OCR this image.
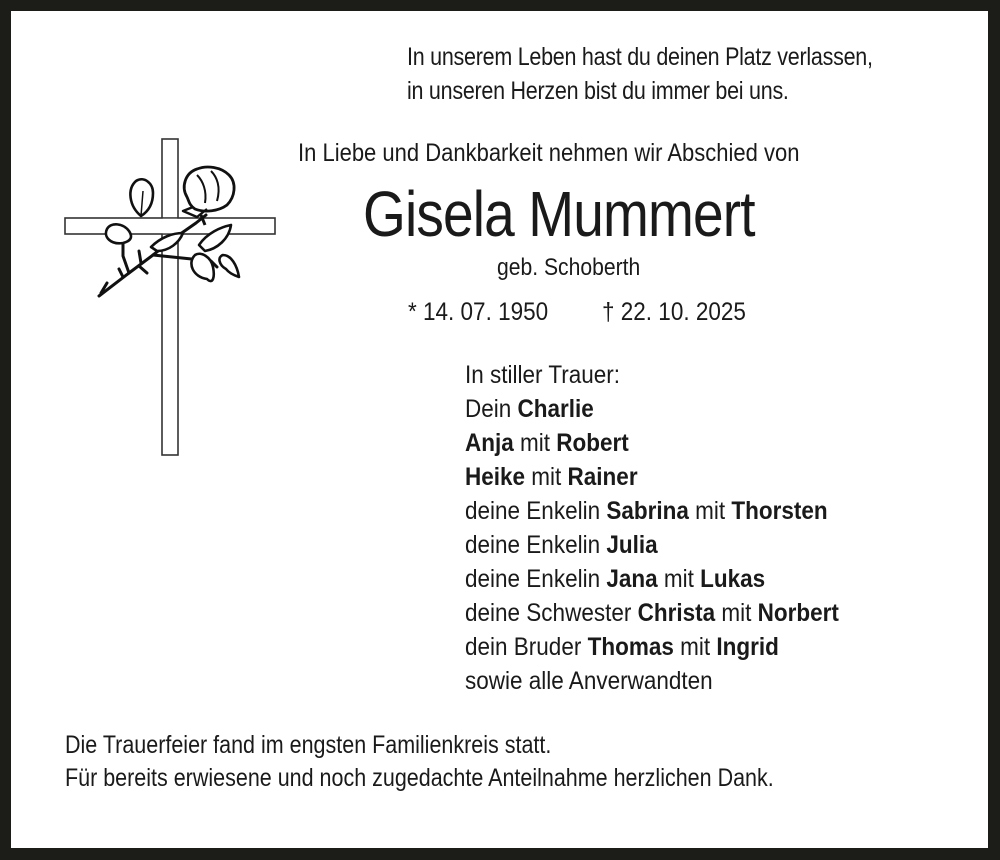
In unserem Leben hast du deinen Platz verlassen,
in unseren Herzen bist du immer bei uns.
In Liebe und Dankbarkeit nehmen wir Abschied von
Gisela Mummert
geb. Schoberth
* 14. 07. 1950 † 22. 10. 2025
In stiller Trauer:
Dein Charlie
Anja mit Robert
Heike mit Rainer
deine Enkelin Sabrina mit Thorsten
deine Enkelin Julia
deine Enkelin Jana mit Lukas
deine Schwester Christa mit Norbert
dein Bruder Thomas mit Ingrid
sowie alle Anverwandten
Die Trauerfeier fand im engsten Familienkreis statt.
Für bereits erwiesene und noch zugedachte Anteilnahme herzlichen Dank.
